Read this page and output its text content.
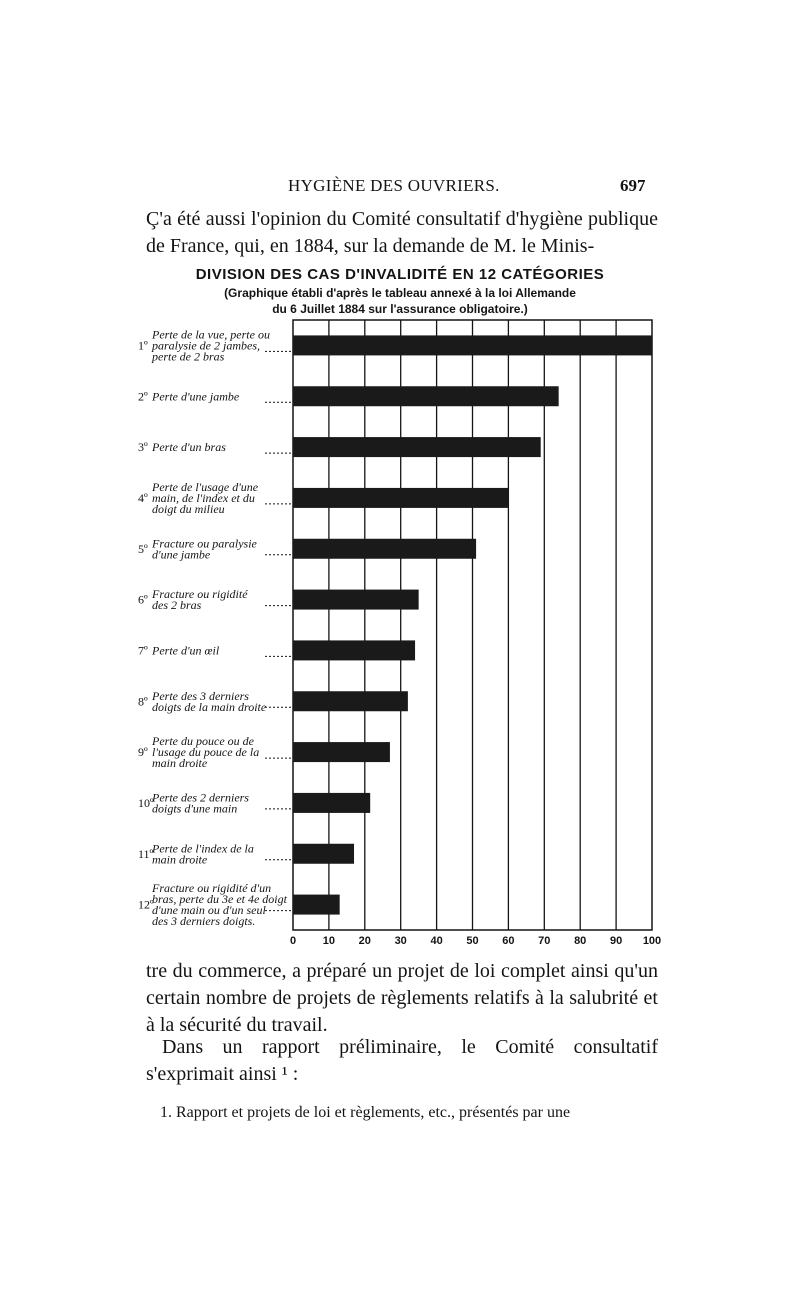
HYGIÈNE DES OUVRIERS.	697

Ç'a été aussi l'opinion du Comité consultatif d'hygiène publique de France, qui, en 1884, sur la demande de M. le Minis-

DIVISION DES CAS D'INVALIDITÉ EN 12 CATÉGORIES

(Graphique établi d'après le tableau annexé à la loi Allemande

du 6 Juillet 1884 sur l'assurance obligatoire.)

0 10 20 30 40 50 60 70 80 90 100
1º
Perte de la vue, perte ou
paralysie de 2 jambes,
perte de 2 bras
2º Perte d'une jambe
3º Perte d'un bras
4º
Perte de l'usage d'une
main, de l'index et du
doigt du milieu
5º Fracture ou paralysie
d'une jambe
6º Fracture ou rigidité
des 2 bras
7º Perte d'un œil
8º Perte des 3 derniers
doigts de la main droite
9º
Perte du pouce ou de
l'usage du pouce de la
main droite
10º
Perte des 2 derniers
doigts d'une main
11º
Perte de l'index de la
main droite
12º
Fracture ou rigidité d'un
bras, perte du 3e et 4e doigt
d'une main ou d'un seul
des 3 derniers doigts.

tre du commerce, a préparé un projet de loi complet ainsi qu'un certain nombre de projets de règlements relatifs à la salubrité et à la sécurité du travail.

Dans un rapport préliminaire, le Comité consultatif s'exprimait ainsi ¹ :

1. Rapport et projets de loi et règlements, etc., présentés par une
